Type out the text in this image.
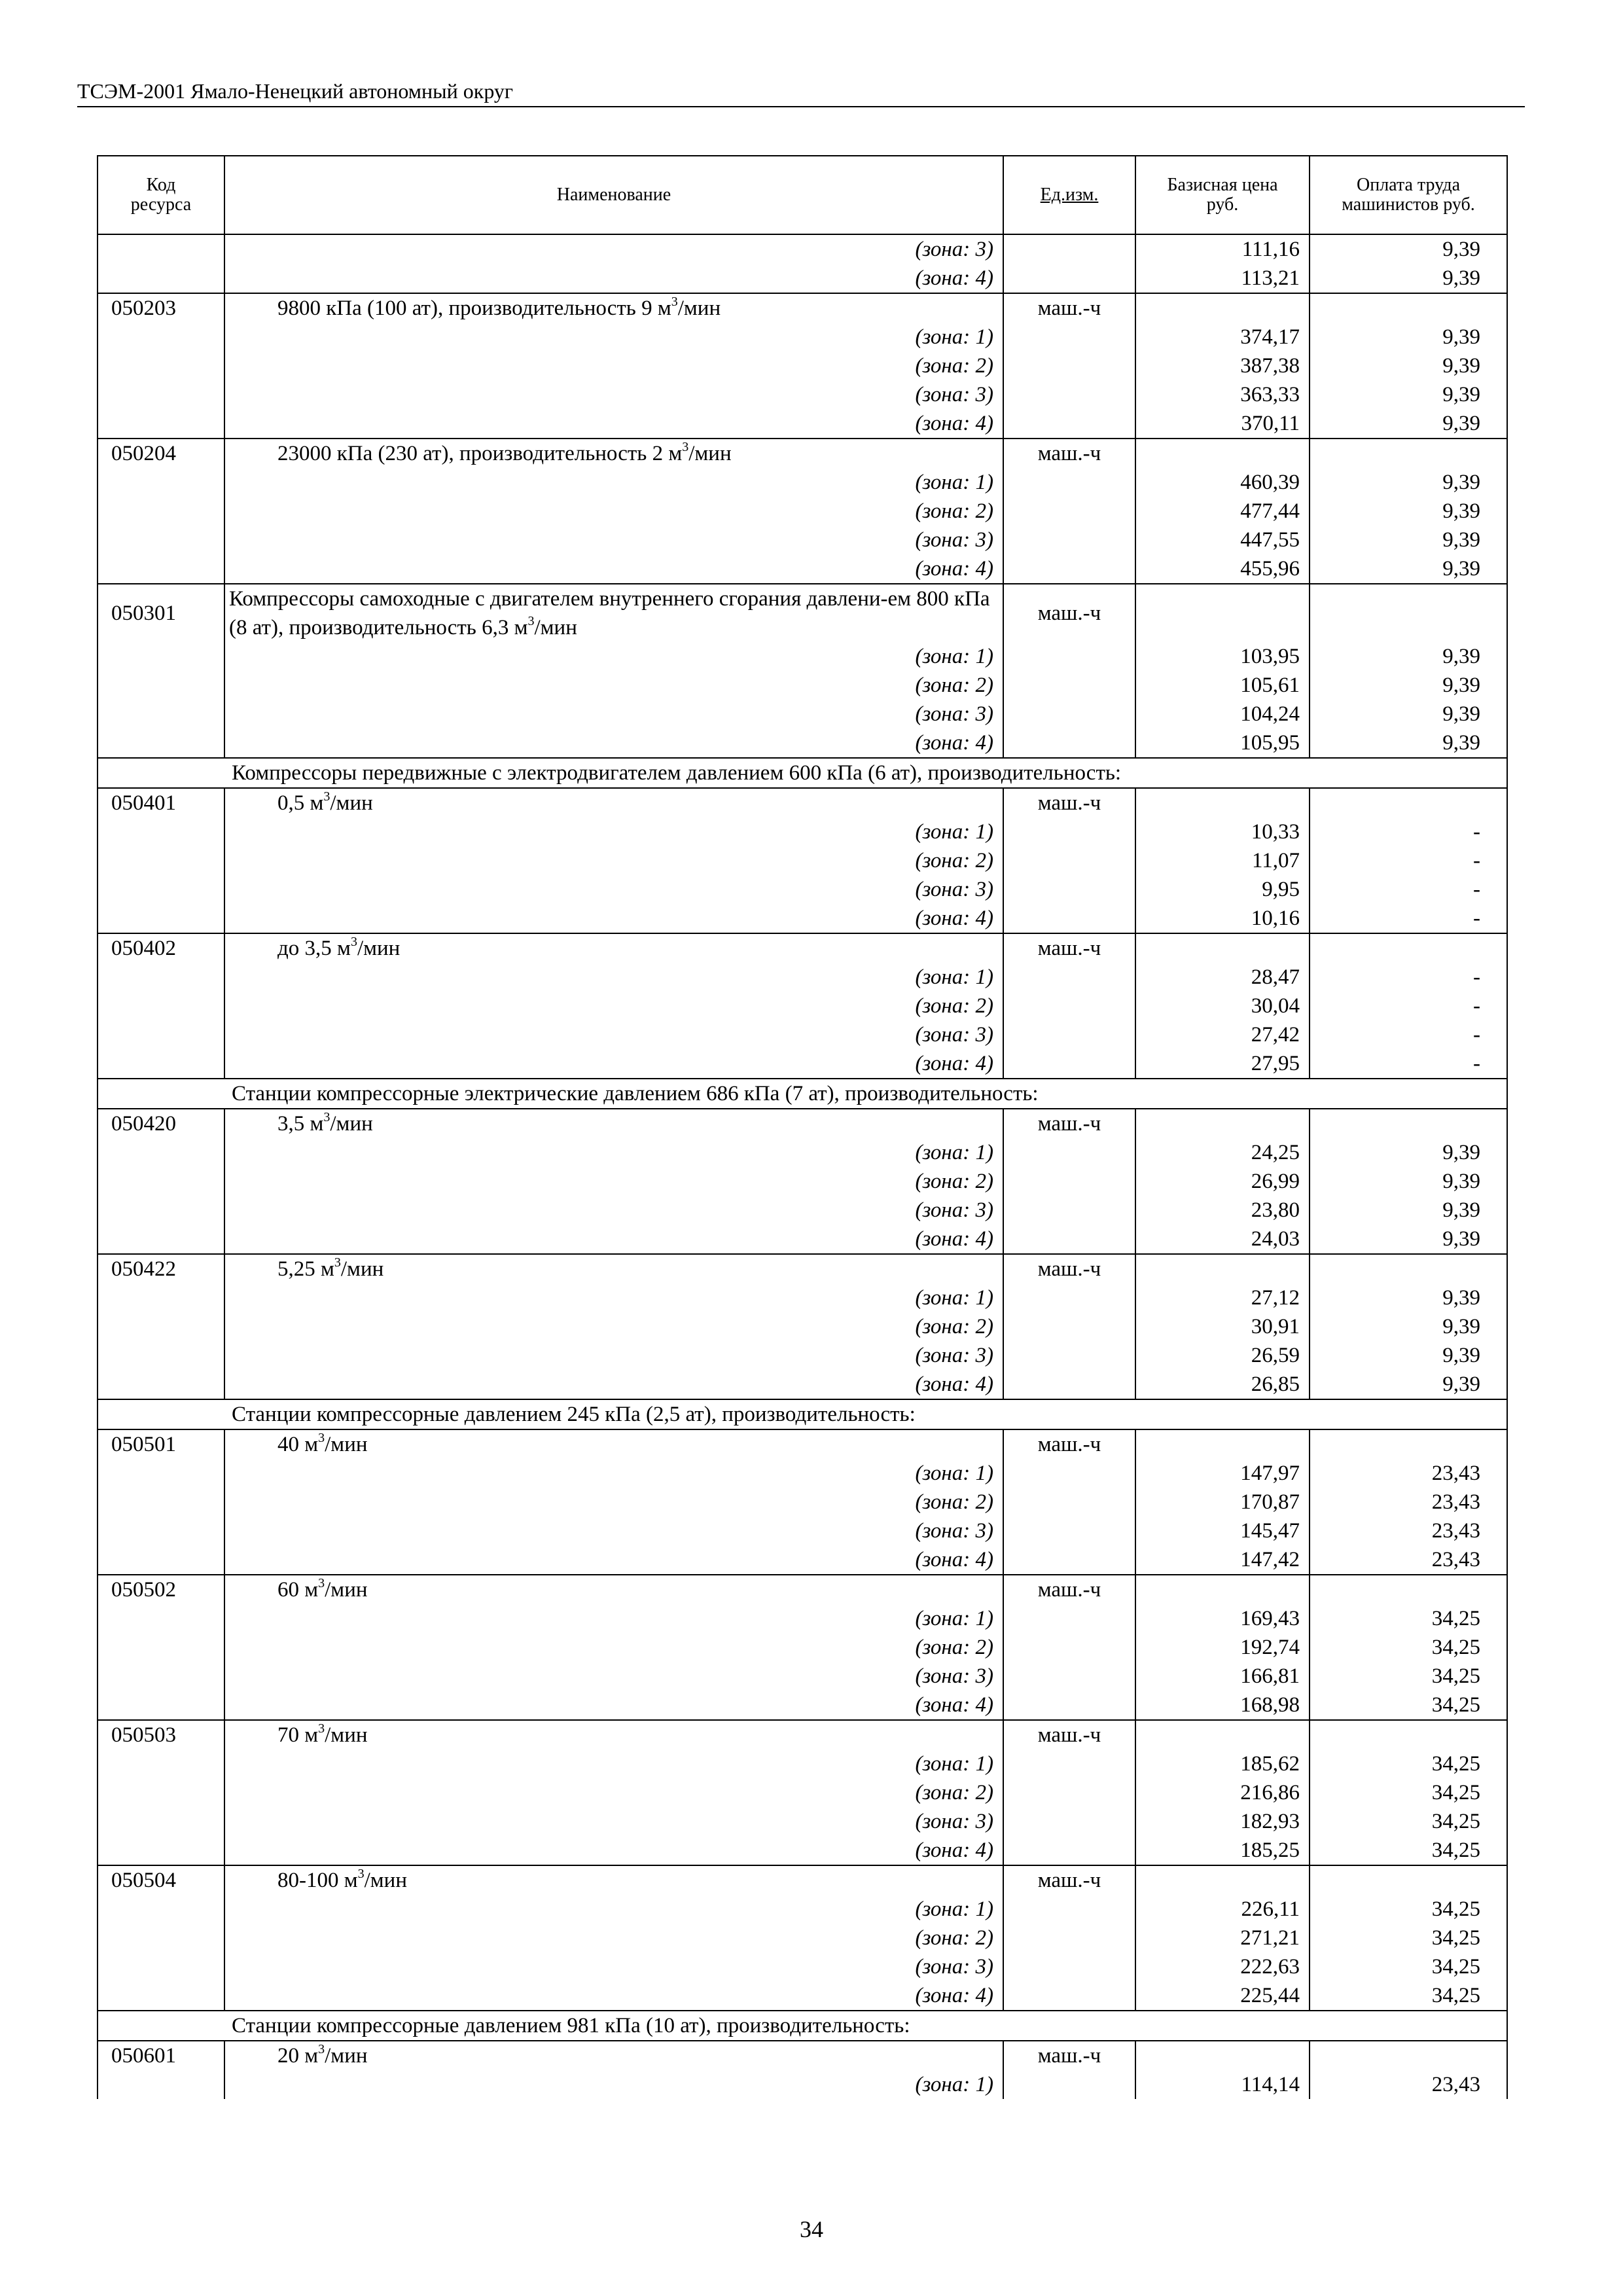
ТСЭМ-2001 Ямало-Ненецкий автономный округ
Код ресурса	Наименование	Ед.изм.	Базисная цена руб.	Оплата труда машинистов руб.
	(зона: 3)		111,16	9,39
	(зона: 4)		113,21	9,39
050203	9800 кПа (100 ат), производительность 9 $м^3$/мин	маш.-ч		
	(зона: 1)		374,17	9,39
	(зона: 2)		387,38	9,39
	(зона: 3)		363,33	9,39
	(зона: 4)		370,11	9,39
050204	23000 кПа (230 ат), производительность 2 $м^3$/мин	маш.-ч		
	(зона: 1)		460,39	9,39
	(зона: 2)		477,44	9,39
	(зона: 3)		447,55	9,39
	(зона: 4)		455,96	9,39
050301	Компрессоры самоходные с двигателем внутреннего сгорания давлени-ем 800 кПа (8 ат), производительность 6,3 $м^3$/мин	маш.-ч		
	(зона: 1)		103,95	9,39
	(зона: 2)		105,61	9,39
	(зона: 3)		104,24	9,39
	(зона: 4)		105,95	9,39
Компрессоры передвижные с электродвигателем давлением 600 кПа (6 ат), производительность:				
050401	0,5 $м^3$/мин	маш.-ч		
	(зона: 1)		10,33	-
	(зона: 2)		11,07	-
	(зона: 3)		9,95	-
	(зона: 4)		10,16	-
050402	до 3,5 $м^3$/мин	маш.-ч		
	(зона: 1)		28,47	-
	(зона: 2)		30,04	-
	(зона: 3)		27,42	-
	(зона: 4)		27,95	-
Станции компрессорные электрические давлением 686 кПа (7 ат), производительность:				
050420	3,5 $м^3$/мин	маш.-ч		
	(зона: 1)		24,25	9,39
	(зона: 2)		26,99	9,39
	(зона: 3)		23,80	9,39
	(зона: 4)		24,03	9,39
050422	5,25 $м^3$/мин	маш.-ч		
	(зона: 1)		27,12	9,39
	(зона: 2)		30,91	9,39
	(зона: 3)		26,59	9,39
	(зона: 4)		26,85	9,39
Станции компрессорные давлением 245 кПа (2,5 ат), производительность:				
050501	40 $м^3$/мин	маш.-ч		
	(зона: 1)		147,97	23,43
	(зона: 2)		170,87	23,43
	(зона: 3)		145,47	23,43
	(зона: 4)		147,42	23,43
050502	60 $м^3$/мин	маш.-ч		
	(зона: 1)		169,43	34,25
	(зона: 2)		192,74	34,25
	(зона: 3)		166,81	34,25
	(зона: 4)		168,98	34,25
050503	70 $м^3$/мин	маш.-ч		
	(зона: 1)		185,62	34,25
	(зона: 2)		216,86	34,25
	(зона: 3)		182,93	34,25
	(зона: 4)		185,25	34,25
050504	80-100 $м^3$/мин	маш.-ч		
	(зона: 1)		226,11	34,25
	(зона: 2)		271,21	34,25
	(зона: 3)		222,63	34,25
	(зона: 4)		225,44	34,25
Станции компрессорные давлением 981 кПа (10 ат), производительность:				
050601	20 $м^3$/мин	маш.-ч		
	(зона: 1)		114,14	23,43
34
